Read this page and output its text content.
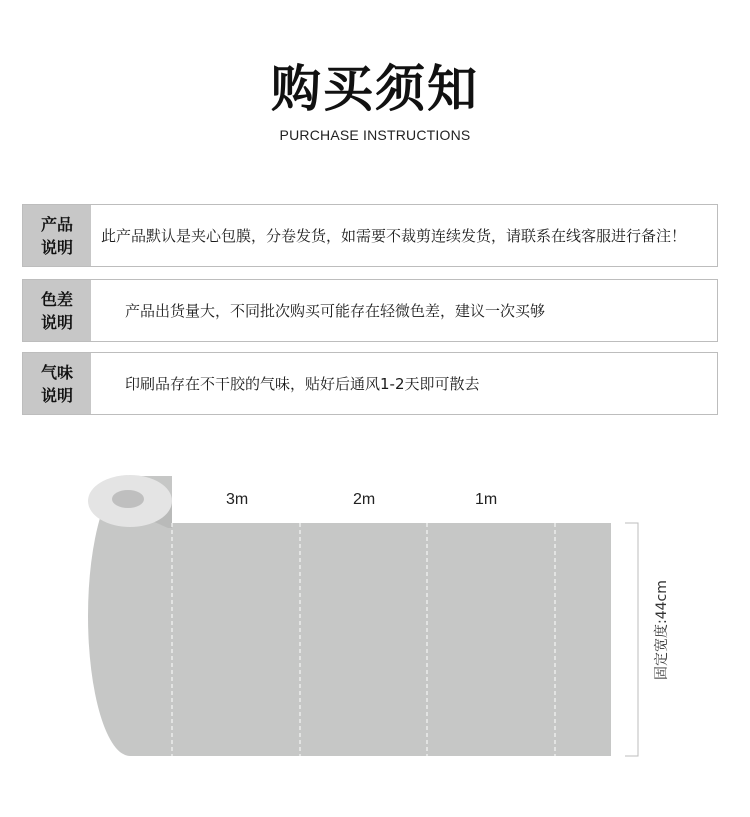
购买须知
PURCHASE INSTRUCTIONS
产品
说明
此产品默认是夹心包膜，分卷发货，如需要不裁剪连续发货，请联系在线客服进行备注！
色差
说明
产品出货量大，不同批次购买可能存在轻微色差，建议一次买够
气味
说明
印刷品存在不干胶的气味，贴好后通风1-2天即可散去
3m	2m	1m
固定宽度:44cm
